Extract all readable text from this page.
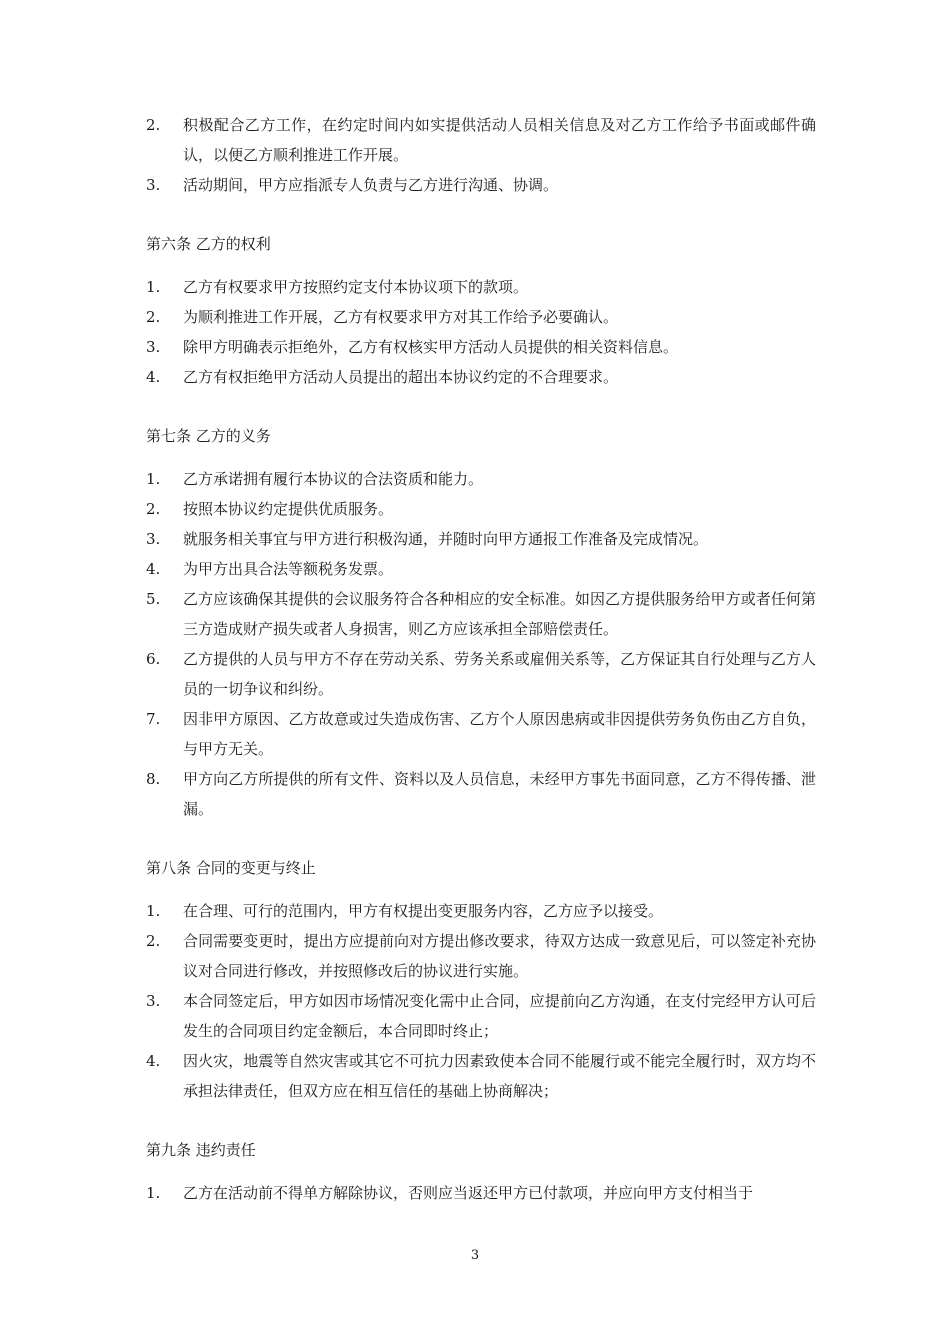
2.	积极配合乙方工作，在约定时间内如实提供活动人员相关信息及对乙方工作给予书面或邮件确认，以便乙方顺利推进工作开展。
3.	活动期间，甲方应指派专人负责与乙方进行沟通、协调。
第六条 乙方的权利
1.	乙方有权要求甲方按照约定支付本协议项下的款项。
2.	为顺利推进工作开展，乙方有权要求甲方对其工作给予必要确认。
3.	除甲方明确表示拒绝外，乙方有权核实甲方活动人员提供的相关资料信息。
4.	乙方有权拒绝甲方活动人员提出的超出本协议约定的不合理要求。
第七条 乙方的义务
1.	乙方承诺拥有履行本协议的合法资质和能力。
2.	按照本协议约定提供优质服务。
3.	就服务相关事宜与甲方进行积极沟通，并随时向甲方通报工作准备及完成情况。
4.	为甲方出具合法等额税务发票。
5.	乙方应该确保其提供的会议服务符合各种相应的安全标准。如因乙方提供服务给甲方或者任何第三方造成财产损失或者人身损害，则乙方应该承担全部赔偿责任。
6.	乙方提供的人员与甲方不存在劳动关系、劳务关系或雇佣关系等，乙方保证其自行处理与乙方人员的一切争议和纠纷。
7.	因非甲方原因、乙方故意或过失造成伤害、乙方个人原因患病或非因提供劳务负伤由乙方自负，与甲方无关。
8.	甲方向乙方所提供的所有文件、资料以及人员信息，未经甲方事先书面同意，乙方不得传播、泄漏。
第八条 合同的变更与终止
1.	在合理、可行的范围内，甲方有权提出变更服务内容，乙方应予以接受。
2.	合同需要变更时，提出方应提前向对方提出修改要求，待双方达成一致意见后，可以签定补充协议对合同进行修改，并按照修改后的协议进行实施。
3.	本合同签定后，甲方如因市场情况变化需中止合同，应提前向乙方沟通，在支付完经甲方认可后发生的合同项目约定金额后，本合同即时终止；
4.	因火灾，地震等自然灾害或其它不可抗力因素致使本合同不能履行或不能完全履行时，双方均不承担法律责任，但双方应在相互信任的基础上协商解决；
第九条 违约责任
1.	乙方在活动前不得单方解除协议，否则应当返还甲方已付款项，并应向甲方支付相当于
3
